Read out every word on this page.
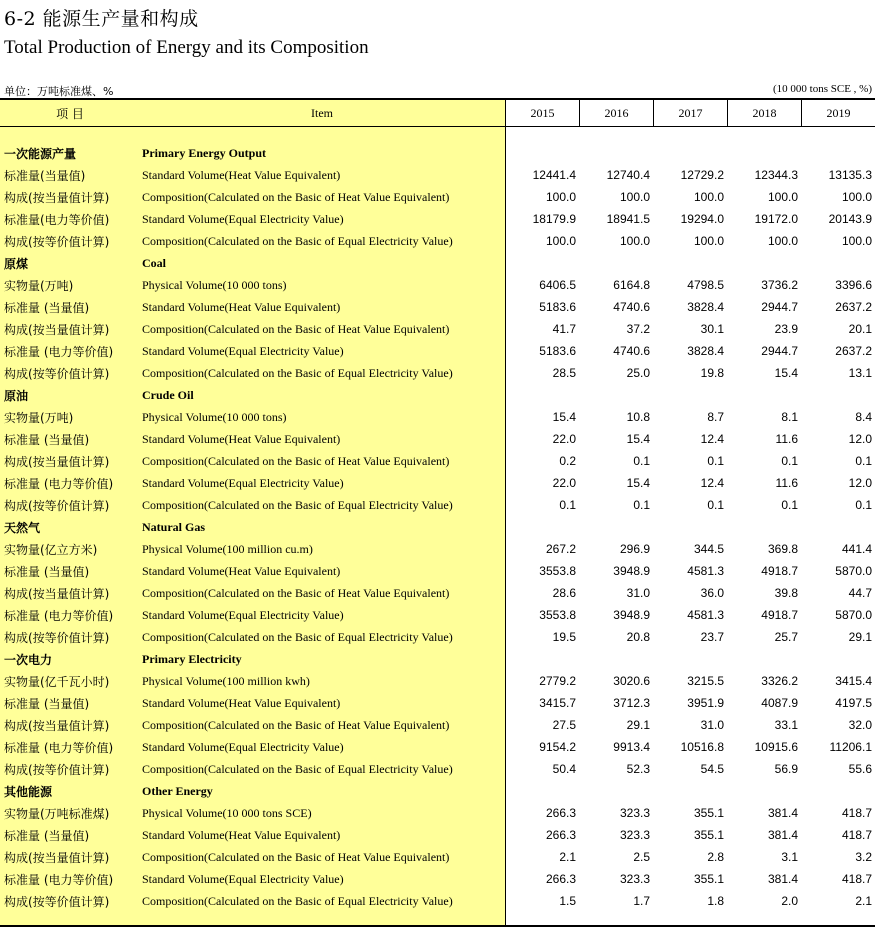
6-2 能源生产量和构成
Total Production of Energy and its Composition
单位：万吨标准煤、%	(10 000 tons SCE , %)
项 目	Item	2015	2016	2017	2018	2019
一次能源产量	Primary Energy Output
标准量(当量值)	Standard Volume(Heat Value Equivalent)	12441.4	12740.4	12729.2	12344.3	13135.3
构成(按当量值计算)	Composition(Calculated on the Basic of Heat Value Equivalent)	100.0	100.0	100.0	100.0	100.0
标准量(电力等价值)	Standard Volume(Equal Electricity Value)	18179.9	18941.5	19294.0	19172.0	20143.9
构成(按等价值计算)	Composition(Calculated on the Basic of Equal Electricity Value)	100.0	100.0	100.0	100.0	100.0
原煤	Coal
实物量(万吨)	Physical Volume(10 000 tons)	6406.5	6164.8	4798.5	3736.2	3396.6
标准量 (当量值)	Standard Volume(Heat Value Equivalent)	5183.6	4740.6	3828.4	2944.7	2637.2
构成(按当量值计算)	Composition(Calculated on the Basic of Heat Value Equivalent)	41.7	37.2	30.1	23.9	20.1
标准量 (电力等价值) Standard Volume(Equal Electricity Value)	5183.6	4740.6	3828.4	2944.7	2637.2
构成(按等价值计算)	Composition(Calculated on the Basic of Equal Electricity Value)	28.5	25.0	19.8	15.4	13.1
原油	Crude Oil
实物量(万吨)	Physical Volume(10 000 tons)	15.4	10.8	8.7	8.1	8.4
标准量 (当量值)	Standard Volume(Heat Value Equivalent)	22.0	15.4	12.4	11.6	12.0
构成(按当量值计算)	Composition(Calculated on the Basic of Heat Value Equivalent)	0.2	0.1	0.1	0.1	0.1
标准量 (电力等价值) Standard Volume(Equal Electricity Value)	22.0	15.4	12.4	11.6	12.0
构成(按等价值计算)	Composition(Calculated on the Basic of Equal Electricity Value)	0.1	0.1	0.1	0.1	0.1
天然气	Natural Gas
实物量(亿立方米)	Physical Volume(100 million cu.m)	267.2	296.9	344.5	369.8	441.4
标准量 (当量值)	Standard Volume(Heat Value Equivalent)	3553.8	3948.9	4581.3	4918.7	5870.0
构成(按当量值计算)	Composition(Calculated on the Basic of Heat Value Equivalent)	28.6	31.0	36.0	39.8	44.7
标准量 (电力等价值) Standard Volume(Equal Electricity Value)	3553.8	3948.9	4581.3	4918.7	5870.0
构成(按等价值计算)	Composition(Calculated on the Basic of Equal Electricity Value)	19.5	20.8	23.7	25.7	29.1
一次电力	Primary Electricity
实物量(亿千瓦小时)	Physical Volume(100 million kwh)	2779.2	3020.6	3215.5	3326.2	3415.4
标准量 (当量值)	Standard Volume(Heat Value Equivalent)	3415.7	3712.3	3951.9	4087.9	4197.5
构成(按当量值计算)	Composition(Calculated on the Basic of Heat Value Equivalent)	27.5	29.1	31.0	33.1	32.0
标准量 (电力等价值) Standard Volume(Equal Electricity Value)	9154.2	9913.4	10516.8	10915.6	11206.1
构成(按等价值计算)	Composition(Calculated on the Basic of Equal Electricity Value)	50.4	52.3	54.5	56.9	55.6
其他能源	Other Energy
实物量(万吨标准煤)	Physical Volume(10 000 tons SCE)	266.3	323.3	355.1	381.4	418.7
标准量 (当量值)	Standard Volume(Heat Value Equivalent)	266.3	323.3	355.1	381.4	418.7
构成(按当量值计算)	Composition(Calculated on the Basic of Heat Value Equivalent)	2.1	2.5	2.8	3.1	3.2
标准量 (电力等价值) Standard Volume(Equal Electricity Value)	266.3	323.3	355.1	381.4	418.7
构成(按等价值计算)	Composition(Calculated on the Basic of Equal Electricity Value)	1.5	1.7	1.8	2.0	2.1
